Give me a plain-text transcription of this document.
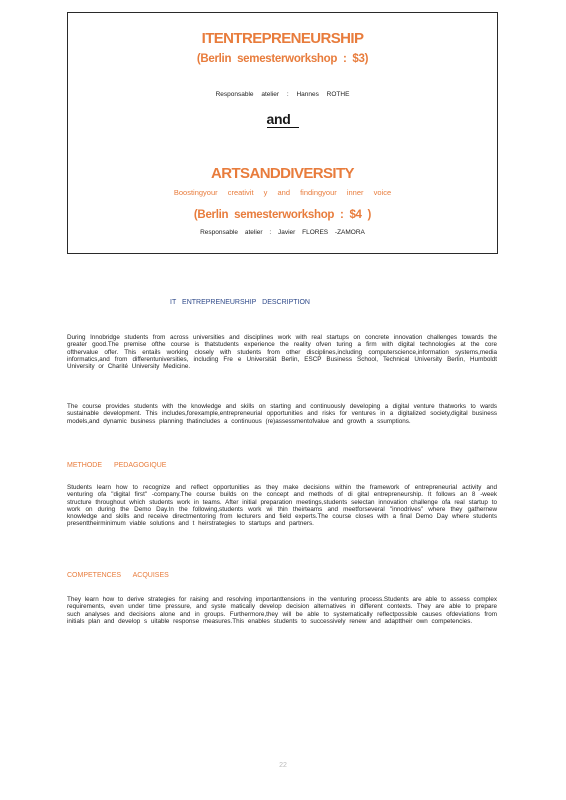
ITENTREPRENEURSHIP
(Berlin semesterworkshop : $3)
Responsable atelier : Hannes ROTHE
and
ARTSANDDIVERSITY
Boostingyour creativit y and findingyour inner voice
(Berlin semesterworkshop : $4 )
Responsable atelier : Javier FLORES -ZAMORA
IT ENTREPRENEURSHIP DESCRIPTION

During Innobridge students from across universities and disciplines work with real startups on concrete innovation challenges towards the greater good.The premise ofthe course is thatstudents experience the reality ofven turing a firm with digital technologies at the core ofthervalue offer. This entails working closely with students from other disciplines,including computerscience,information systems,media informatics,and from differentuniversities, including Fre e Universität Berlin, ESCP Business School, Technical University Berlin, Humboldt University or Charité University Medicine.

The course provides students with the knowledge and skills on starting and continuously developing a digital venture thatworks to wards sustainable development. This includes,forexample,entrepreneurial opportunities and risks for ventures in a digitalized society,digital business models,and dynamic business planning thatincludes a continuous (re)assessmentofvalue and growth a ssumptions.

METHODE PEDAGOGIQUE

Students learn how to recognize and reflect opportunities as they make decisions within the framework of entrepreneurial activity and venturing ofa "digital first" -company.The course builds on the concept and methods of di gital entrepreneurship. It follows an 8 -week structure throughout which students work in teams. After initial preparation meetings,students selectan innovation challenge ofa real startup to work on during the Demo Day.In the following,students work wi thin theirteams and meetforseveral "innodrives" where they gathernew knowledge and skills and receive directmentoring from lecturers and field experts.The course closes with a final Demo Day where students presenttheirminimum viable solutions and t heirstrategies to startups and partners.

COMPETENCES ACQUISES

They learn how to derive strategies for raising and resolving importanttensions in the venturing process.Students are able to assess complex requirements, even under time pressure, and syste matically develop decision alternatives in different contexts. They are able to prepare such analyses and decisions alone and in groups. Furthermore,they will be able to systematically reflectpossible causes ofdeviations from initials plan and develop s uitable response measures.This enables students to successively renew and adapttheir own competencies.

22
